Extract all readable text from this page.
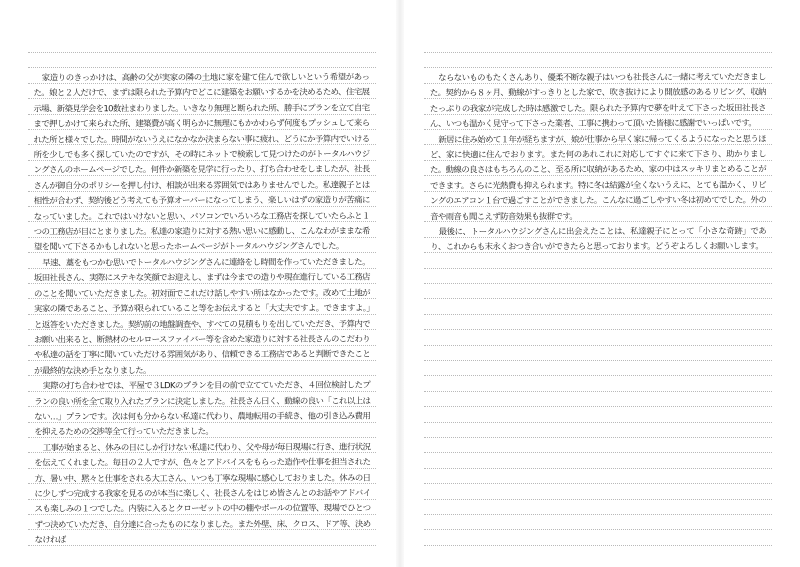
家造りのきっかけは、高齢の父が実家の隣の土地に家を建て住んで欲しいという希望があった。娘と２人だけで、まずは限られた予算内でどこに建築をお願いするかを決めるため、住宅展示場、新築見学会を10数社まわりました。いきなり無理と断られた所、勝手にプランを立て自宅まで押しかけて来られた所、建築費が高く明らかに無理にもかかわらず何度もプッシュして来られた所と様々でした。時間がないうえになかなか決まらない事に疲れ、どうにか予算内でいける所を少しでも多く探していたのですが、その時にネットで検索して見つけたのがトータルハウジングさんのホームページでした。何件か新築を見学に行ったり、打ち合わせをしましたが、社長さんが御自分のポリシーを押し付け、相談が出来る雰囲気ではありませんでした。私達親子とは相性が合わず、契約後どう考えても予算オーバーになってしまう、楽しいはずの家造りが苦痛になっていました。これではいけないと思い、パソコンでいろいろな工務店を探していたらふと１つの工務店が目にとまりました。私達の家造りに対する熱い思いに感動し、こんなわがままな希望を聞いて下さるかもしれないと思ったホームページがトータルハウジングさんでした。

早速、藁をもつかむ思いでトータルハウジングさんに連絡をし時間を作っていただきました。坂田社長さん、実際にステキな笑顔でお迎えし、まずは今までの造りや現在進行している工務店のことを聞いていただきました。初対面でこれだけ話しやすい所はなかったです。改めて土地が実家の隣であること、予算が限られていること等をお伝えすると「大丈夫ですよ。できますよ。」と返答をいただきました。契約前の地盤調査や、すべての見積もりを出していただき、予算内でお願い出来ると、断熱材のセルロースファイバー等を含めた家造りに対する社長さんのこだわりや私達の話を丁寧に聞いていただける雰囲気があり、信頼できる工務店であると判断できたことが最終的な決め手となりました。

実際の打ち合わせでは、平屋で３LDKのプランを目の前で立てていただき、４回位検討したプランの良い所を全て取り入れたプランに決定しました。社長さん曰く、動線の良い「これ以上はない…」プランです。次は何も分からない私達に代わり、農地転用の手続き、他の引き込み費用を抑えるための交渉等全て行っていただきました。

工事が始まると、休みの日にしか行けない私達に代わり、父や母が毎日現場に行き、進行状況を伝えてくれました。毎日の２人ですが、色々とアドバイスをもらった造作や仕事を担当された方、暑い中、黙々と仕事をされる大工さん、いつも丁寧な現場に感心しておりました。休みの日に少しずつ完成する我家を見るのが本当に楽しく、社長さんをはじめ皆さんとのお話やアドバイスも楽しみの１つでした。内装に入るとクローゼットの中の棚やポールの位置等、現場でひとつずつ決めていただき、自分達に合ったものになりました。また外壁、床、クロス、ドア等、決めなければ

ならないものもたくさんあり、優柔不断な親子はいつも社長さんに一緒に考えていただきました。契約から８ヶ月、動線がすっきりとした家で、吹き抜けにより開放感のあるリビング、収納たっぷりの我家が完成した時は感激でした。限られた予算内で夢を叶えて下さった坂田社長さん、いつも温かく見守って下さった業者、工事に携わって頂いた皆様に感謝でいっぱいです。

新居に住み始めて１年が経ちますが、娘が仕事から早く家に帰ってくるようになったと思うほど、家に快適に住んでおります。また何のあれこれに対応してすぐに来て下さり、助かりました。動線の良さはもちろんのこと、至る所に収納があるため、家の中はスッキリまとめることができます。さらに光熱費も抑えられます。特に冬は結露が全くないうえに、とても温かく、リビングのエアコン１台で過ごすことができました。こんなに過ごしやすい冬は初めてでした。外の音や雨音も聞こえず防音効果も抜群です。

最後に、トータルハウジングさんに出会えたことは、私達親子にとって「小さな奇跡」であり、これからも末永くおつき合いができたらと思っております。どうぞよろしくお願いします。
